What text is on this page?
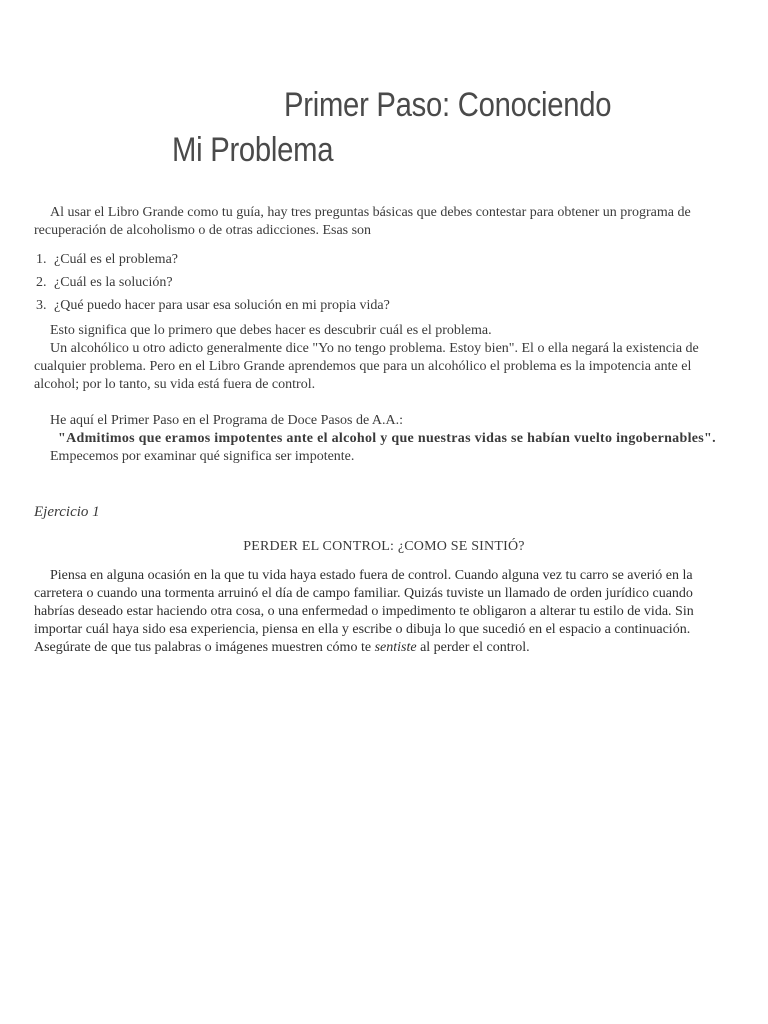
Primer Paso: Conociendo
Mi Problema
Al usar el Libro Grande como tu guía, hay tres preguntas básicas que debes contestar para obtener un programa de recuperación de alcoholismo o de otras adicciones. Esas son
1. ¿Cuál es el problema?
2. ¿Cuál es la solución?
3. ¿Qué puedo hacer para usar esa solución en mi propia vida?

Esto significa que lo primero que debes hacer es descubrir cuál es el problema.

Un alcohólico u otro adicto generalmente dice "Yo no tengo problema. Estoy bien". El o ella negará la existencia de cualquier problema. Pero en el Libro Grande aprendemos que para un alcohólico el problema es la impotencia ante el alcohol; por lo tanto, su vida está fuera de control.

He aquí el Primer Paso en el Programa de Doce Pasos de A.A.:

"Admitimos que eramos impotentes ante el alcohol y que nuestras vidas se habían vuelto ingobernables".

Empecemos por examinar qué significa ser impotente.

Ejercicio 1
PERDER EL CONTROL: ¿COMO SE SINTIÓ?

Piensa en alguna ocasión en la que tu vida haya estado fuera de control. Cuando alguna vez tu carro se averió en la carretera o cuando una tormenta arruinó el día de campo familiar. Quizás tuviste un llamado de orden jurídico cuando habrías deseado estar haciendo otra cosa, o una enfermedad o impedimento te obligaron a alterar tu estilo de vida. Sin importar cuál haya sido esa experiencia, piensa en ella y escribe o dibuja lo que sucedió en el espacio a continuación. Asegúrate de que tus palabras o imágenes muestren cómo te sentiste al perder el control.
